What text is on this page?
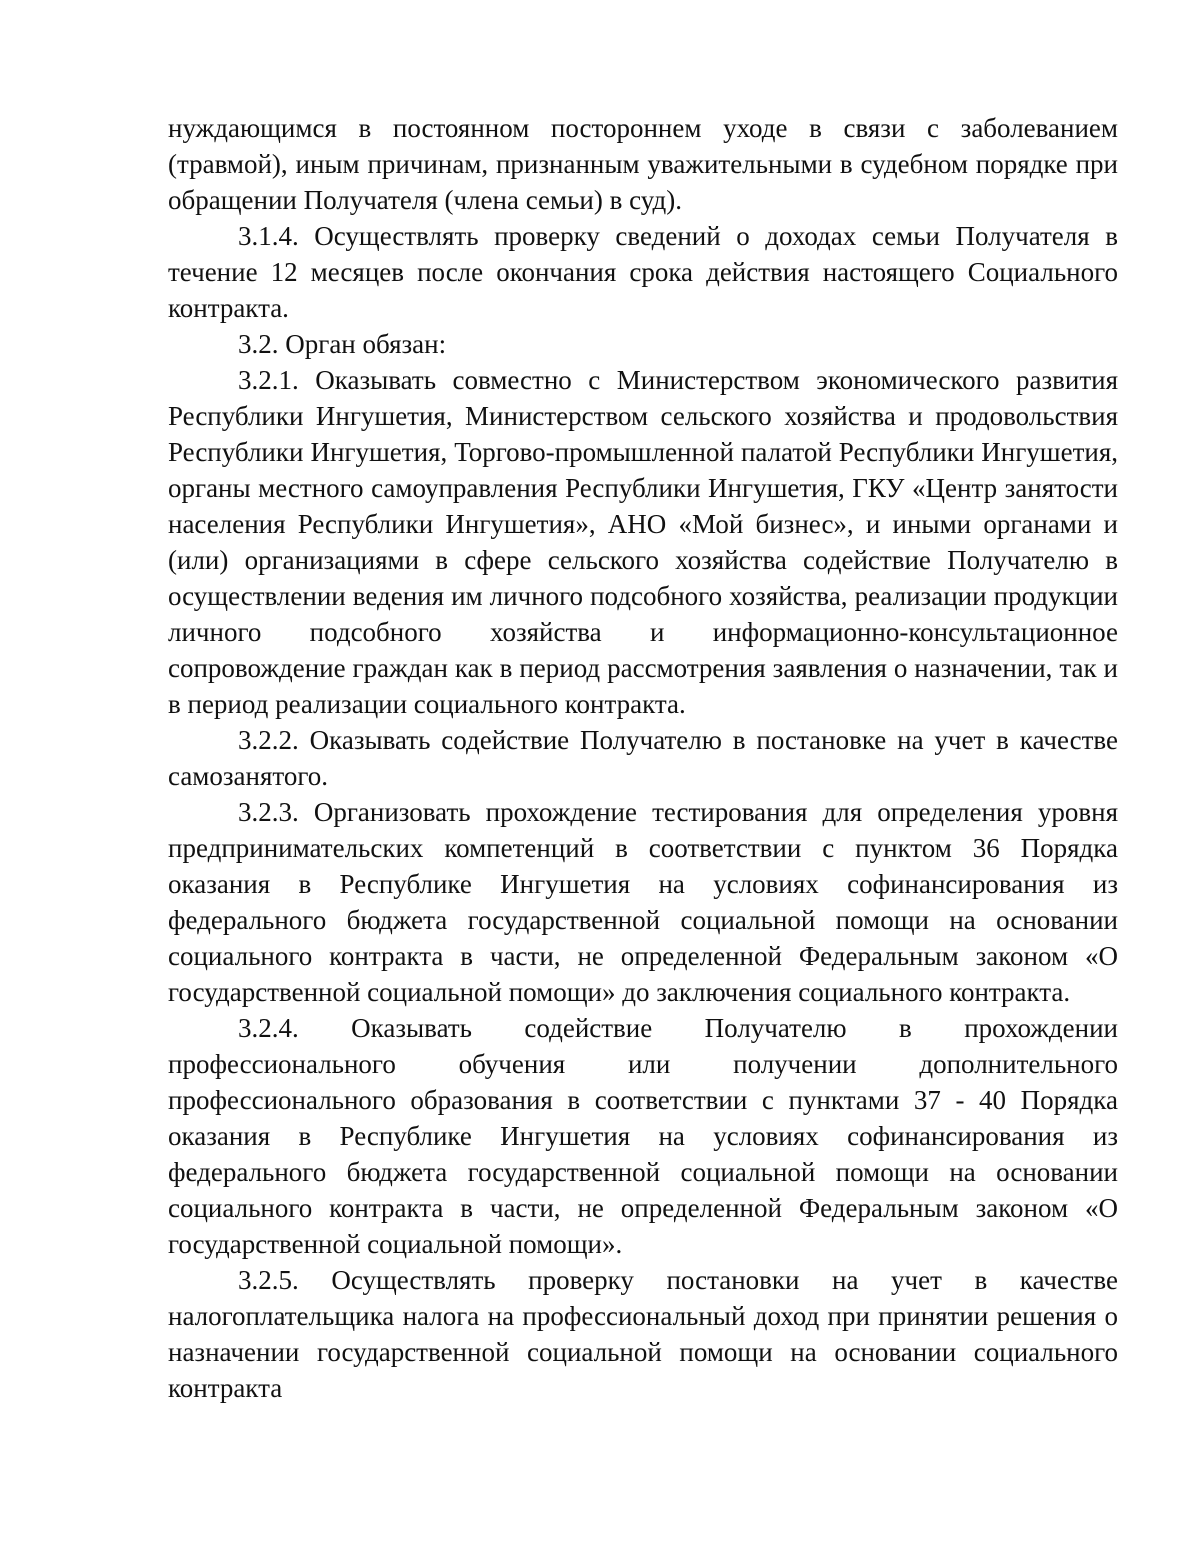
нуждающимся в постоянном постороннем уходе в связи с заболеванием (травмой), иным причинам, признанным уважительными в судебном порядке при обращении Получателя (члена семьи) в суд).

3.1.4. Осуществлять проверку сведений о доходах семьи Получателя в течение 12 месяцев после окончания срока действия настоящего Социального контракта.

3.2. Орган обязан:

3.2.1. Оказывать совместно с Министерством экономического развития Республики Ингушетия, Министерством сельского хозяйства и продовольствия Республики Ингушетия, Торгово-промышленной палатой Республики Ингушетия, органы местного самоуправления Республики Ингушетия, ГКУ «Центр занятости населения Республики Ингушетия», АНО «Мой бизнес», и иными органами и (или) организациями в сфере сельского хозяйства содействие Получателю в осуществлении ведения им личного подсобного хозяйства, реализации продукции личного подсобного хозяйства и информационно-консультационное сопровождение граждан как в период рассмотрения заявления о назначении, так и в период реализации социального контракта.

3.2.2. Оказывать содействие Получателю в постановке на учет в качестве самозанятого.

3.2.3. Организовать прохождение тестирования для определения уровня предпринимательских компетенций в соответствии с пунктом 36 Порядка оказания в Республике Ингушетия на условиях софинансирования из федерального бюджета государственной социальной помощи на основании социального контракта в части, не определенной Федеральным законом «О государственной социальной помощи» до заключения социального контракта.

3.2.4. Оказывать содействие Получателю в прохождении профессионального обучения или получении дополнительного профессионального образования в соответствии с пунктами 37 - 40 Порядка оказания в Республике Ингушетия на условиях софинансирования из федерального бюджета государственной социальной помощи на основании социального контракта в части, не определенной Федеральным законом «О государственной социальной помощи».

3.2.5. Осуществлять проверку постановки на учет в качестве налогоплательщика налога на профессиональный доход при принятии решения о назначении государственной социальной помощи на основании социального контракта
